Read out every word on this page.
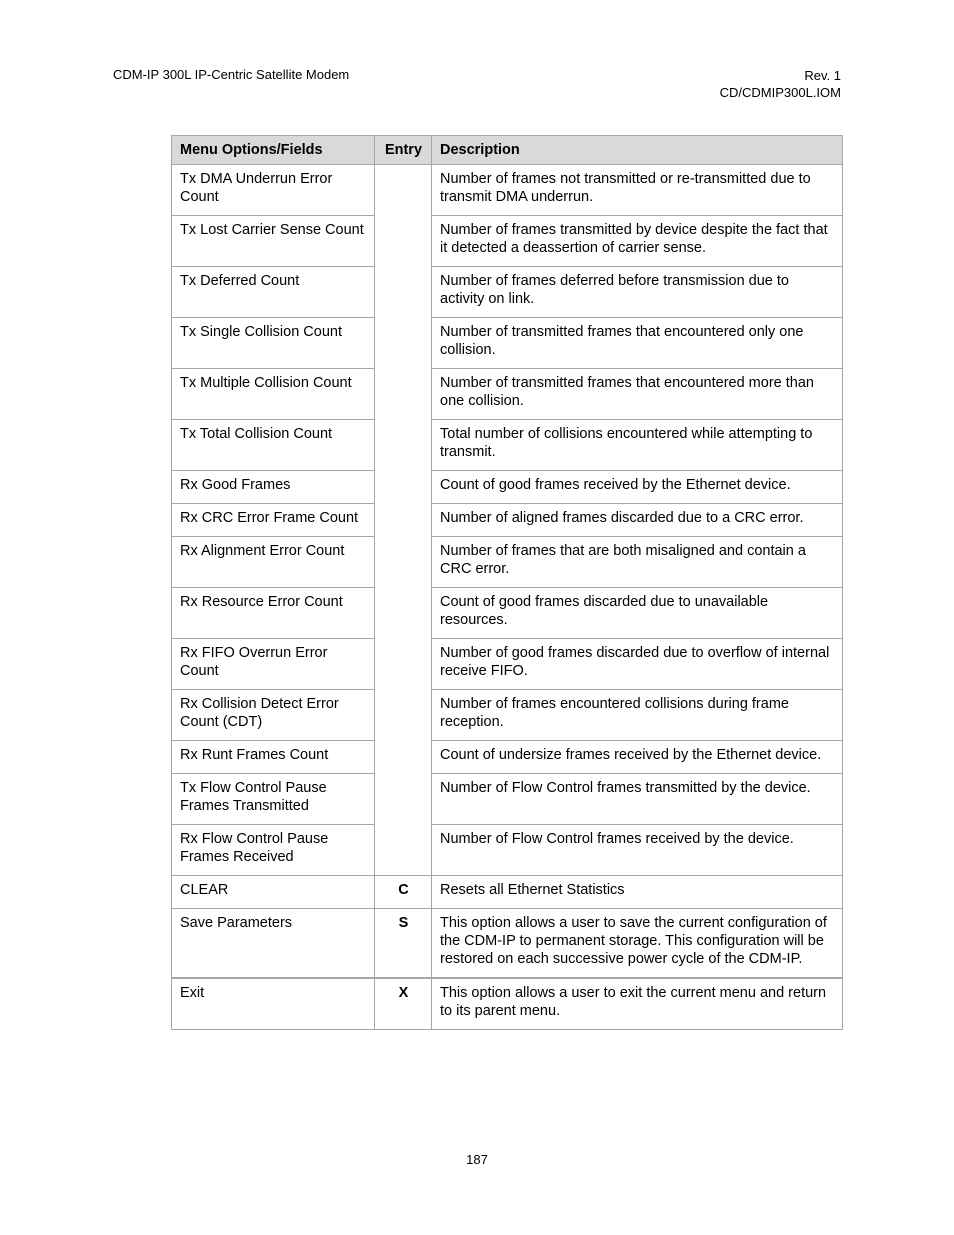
CDM-IP 300L IP-Centric Satellite Modem	Rev. 1
CD/CDMIP300L.IOM
Menu Options/Fields	Entry	Description
Tx DMA Underrun Error Count		Number of frames not transmitted or re-transmitted due to transmit DMA underrun.
Tx Lost Carrier Sense Count		Number of frames transmitted by device despite the fact that it detected a deassertion of carrier sense.
Tx Deferred Count		Number of frames deferred before transmission due to activity on link.
Tx Single Collision Count		Number of transmitted frames that encountered only one collision.
Tx Multiple Collision Count		Number of transmitted frames that encountered more than one collision.
Tx Total Collision Count		Total number of collisions encountered while attempting to transmit.
Rx Good Frames		Count of good frames received by the Ethernet device.
Rx CRC Error Frame Count		Number of aligned frames discarded due to a CRC error.
Rx Alignment Error Count		Number of frames that are both misaligned and contain a CRC error.
Rx Resource Error Count		Count of good frames discarded due to unavailable resources.
Rx FIFO Overrun Error Count		Number of good frames discarded due to overflow of internal receive FIFO.
Rx Collision Detect Error Count (CDT)		Number of frames encountered collisions during frame reception.
Rx Runt Frames Count		Count of undersize frames received by the Ethernet device.
Tx Flow Control Pause Frames Transmitted		Number of Flow Control frames transmitted by the device.
Rx Flow Control Pause Frames Received		Number of Flow Control frames received by the device.
CLEAR	C	Resets all Ethernet Statistics
Save Parameters	S	This option allows a user to save the current configuration of the CDM-IP to permanent storage. This configuration will be restored on each successive power cycle of the CDM-IP.
Exit	X	This option allows a user to exit the current menu and return to its parent menu.
187
